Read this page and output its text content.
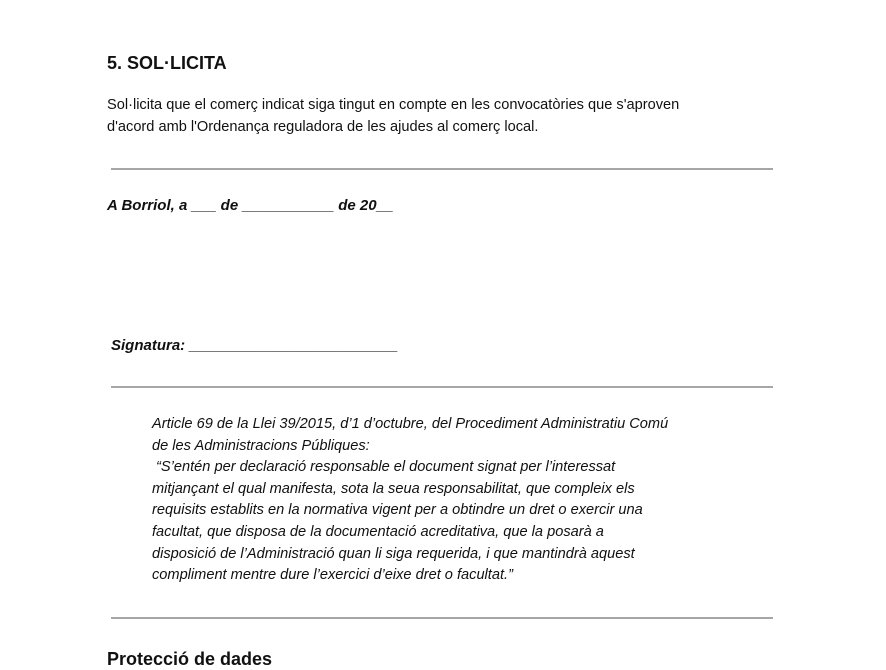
5. SOL·LICITA
Sol·licita que el comerç indicat siga tingut en compte en les convocatòries que s'aproven
d'acord amb l'Ordenança reguladora de les ajudes al comerç local.

A Borriol, a ___ de ___________ de 20__

Signatura: _________________________

Article 69 de la Llei 39/2015, d’1 d’octubre, del Procediment Administratiu Comú
de les Administracions Públiques:
“S’entén per declaració responsable el document signat per l’interessat
mitjançant el qual manifesta, sota la seua responsabilitat, que compleix els
requisits establits en la normativa vigent per a obtindre un dret o exercir una
facultat, que disposa de la documentació acreditativa, que la posarà a
disposició de l’Administració quan li siga requerida, i que mantindrà aquest
compliment mentre dure l’exercici d’eixe dret o facultat.”
Protecció de dades
